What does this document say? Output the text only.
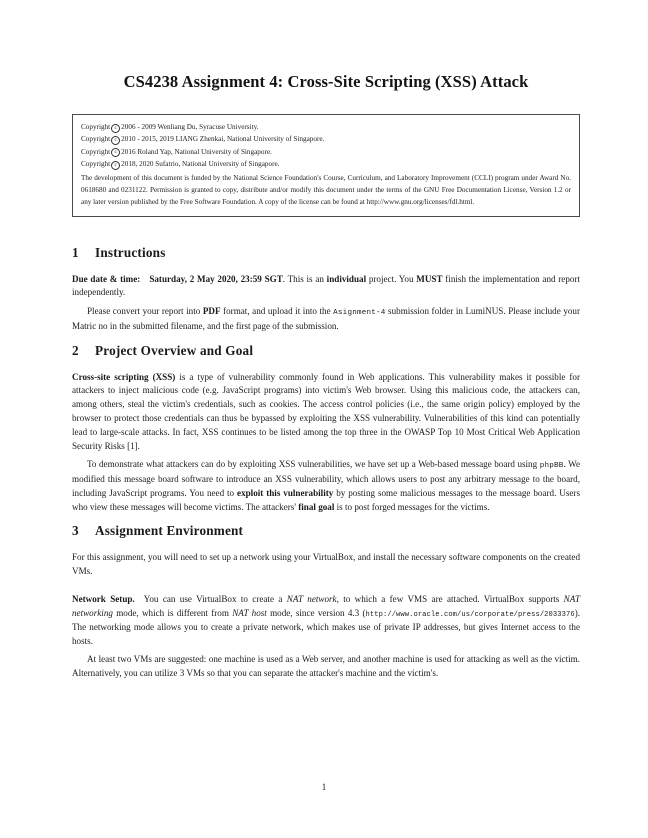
CS4238 Assignment 4: Cross-Site Scripting (XSS) Attack
Copyright c 2006 - 2009 Wenliang Du, Syracuse University.
Copyright c 2010 - 2015, 2019 LIANG Zhenkai, National University of Singapore.
Copyright c 2016 Roland Yap, National University of Singapore.
Copyright c 2018, 2020 Sufatrio, National University of Singapore.
The development of this document is funded by the National Science Foundation's Course, Curriculum, and Laboratory Improvement (CCLI) program under Award No. 0618680 and 0231122. Permission is granted to copy, distribute and/or modify this document under the terms of the GNU Free Documentation License, Version 1.2 or any later version published by the Free Software Foundation. A copy of the license can be found at http://www.gnu.org/licenses/fdl.html.
1 Instructions

Due date & time: Saturday, 2 May 2020, 23:59 SGT. This is an individual project. You MUST finish the implementation and report independently.

Please convert your report into PDF format, and upload it into the Asignment-4 submission folder in LumiNUS. Please include your Matric no in the submitted filename, and the first page of the submission.

2 Project Overview and Goal

Cross-site scripting (XSS) is a type of vulnerability commonly found in Web applications. This vulnerability makes it possible for attackers to inject malicious code (e.g. JavaScript programs) into victim's Web browser. Using this malicious code, the attackers can, among others, steal the victim's credentials, such as cookies. The access control policies (i.e., the same origin policy) employed by the browser to protect those credentials can thus be bypassed by exploiting the XSS vulnerability. Vulnerabilities of this kind can potentially lead to large-scale attacks. In fact, XSS continues to be listed among the top three in the OWASP Top 10 Most Critical Web Application Security Risks [1].

To demonstrate what attackers can do by exploiting XSS vulnerabilities, we have set up a Web-based message board using phpBB. We modified this message board software to introduce an XSS vulnerability, which allows users to post any arbitrary message to the board, including JavaScript programs. You need to exploit this vulnerability by posting some malicious messages to the message board. Users who view these messages will become victims. The attackers' final goal is to post forged messages for the victims.

3 Assignment Environment

For this assignment, you will need to set up a network using your VirtualBox, and install the necessary software components on the created VMs.

Network Setup. You can use VirtualBox to create a NAT network, to which a few VMS are attached. VirtualBox supports NAT networking mode, which is different from NAT host mode, since version 4.3 (http://www.oracle.com/us/corporate/press/2033376). The networking mode allows you to create a private network, which makes use of private IP addresses, but gives Internet access to the hosts.

At least two VMs are suggested: one machine is used as a Web server, and another machine is used for attacking as well as the victim. Alternatively, you can utilize 3 VMs so that you can separate the attacker's machine and the victim's.

1
